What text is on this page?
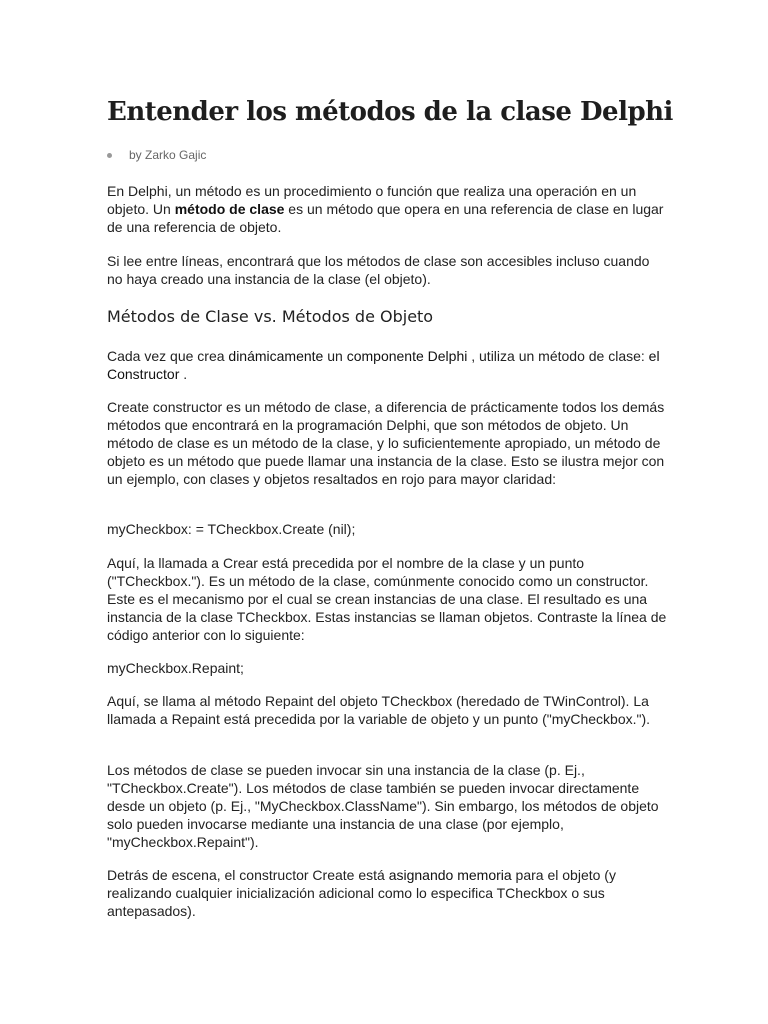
Entender los métodos de la clase Delphi
by Zarko Gajic

En Delphi, un método es un procedimiento o función que realiza una operación en un objeto. Un método de clase es un método que opera en una referencia de clase en lugar de una referencia de objeto.

Si lee entre líneas, encontrará que los métodos de clase son accesibles incluso cuando no haya creado una instancia de la clase (el objeto).

Métodos de Clase vs. Métodos de Objeto

Cada vez que crea dinámicamente un componente Delphi , utiliza un método de clase: el Constructor .

Create constructor es un método de clase, a diferencia de prácticamente todos los demás métodos que encontrará en la programación Delphi, que son métodos de objeto. Un método de clase es un método de la clase, y lo suficientemente apropiado, un método de objeto es un método que puede llamar una instancia de la clase. Esto se ilustra mejor con un ejemplo, con clases y objetos resaltados en rojo para mayor claridad:

myCheckbox: = TCheckbox.Create (nil);

Aquí, la llamada a Crear está precedida por el nombre de la clase y un punto ("TCheckbox."). Es un método de la clase, comúnmente conocido como un constructor. Este es el mecanismo por el cual se crean instancias de una clase. El resultado es una instancia de la clase TCheckbox. Estas instancias se llaman objetos. Contraste la línea de código anterior con lo siguiente:

myCheckbox.Repaint;

Aquí, se llama al método Repaint del objeto TCheckbox (heredado de TWinControl). La llamada a Repaint está precedida por la variable de objeto y un punto ("myCheckbox.").

Los métodos de clase se pueden invocar sin una instancia de la clase (p. Ej., "TCheckbox.Create"). Los métodos de clase también se pueden invocar directamente desde un objeto (p. Ej., "MyCheckbox.ClassName"). Sin embargo, los métodos de objeto solo pueden invocarse mediante una instancia de una clase (por ejemplo, "myCheckbox.Repaint").

Detrás de escena, el constructor Create está asignando memoria para el objeto (y realizando cualquier inicialización adicional como lo especifica TCheckbox o sus antepasados).
